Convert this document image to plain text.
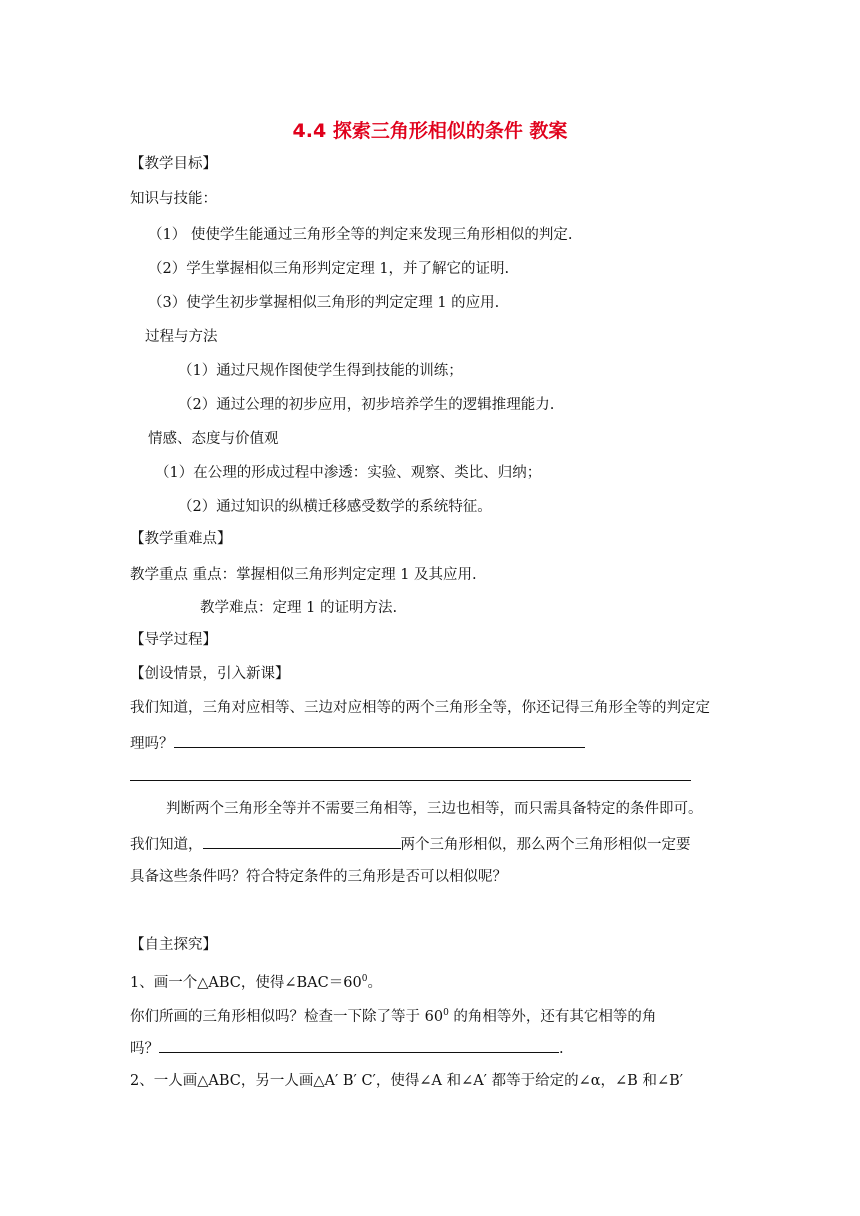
4.4 探索三角形相似的条件 教案
【教学目标】
知识与技能：
（1） 使使学生能通过三角形全等的判定来发现三角形相似的判定.
（2）学生掌握相似三角形判定定理 1，并了解它的证明.
（3）使学生初步掌握相似三角形的判定定理 1 的应用.
过程与方法
（1）通过尺规作图使学生得到技能的训练；
（2）通过公理的初步应用，初步培养学生的逻辑推理能力.
情感、态度与价值观
（1）在公理的形成过程中渗透：实验、观察、类比、归纳；
（2）通过知识的纵横迁移感受数学的系统特征。
【教学重难点】
教学重点 重点：掌握相似三角形判定定理 1 及其应用.
教学难点：定理 1 的证明方法.
【导学过程】
【创设情景，引入新课】
我们知道，三角对应相等、三边对应相等的两个三角形全等，你还记得三角形全等的判定定
理吗？
判断两个三角形全等并不需要三角相等，三边也相等，而只需具备特定的条件即可。
我们知道，	两个三角形相似，那么两个三角形相似一定要
具备这些条件吗？符合特定条件的三角形是否可以相似呢？
【自主探究】
1、画一个△ABC，使得$\angle BAC=60^0$。
你们所画的三角形相似吗？检查一下除了等于 $60^0$ 的角相等外，还有其它相等的角
吗？	.
2、一人画△ABC，另一人画△A′ B′ C′，使得∠A 和∠A′ 都等于给定的∠α，∠B 和∠B′
